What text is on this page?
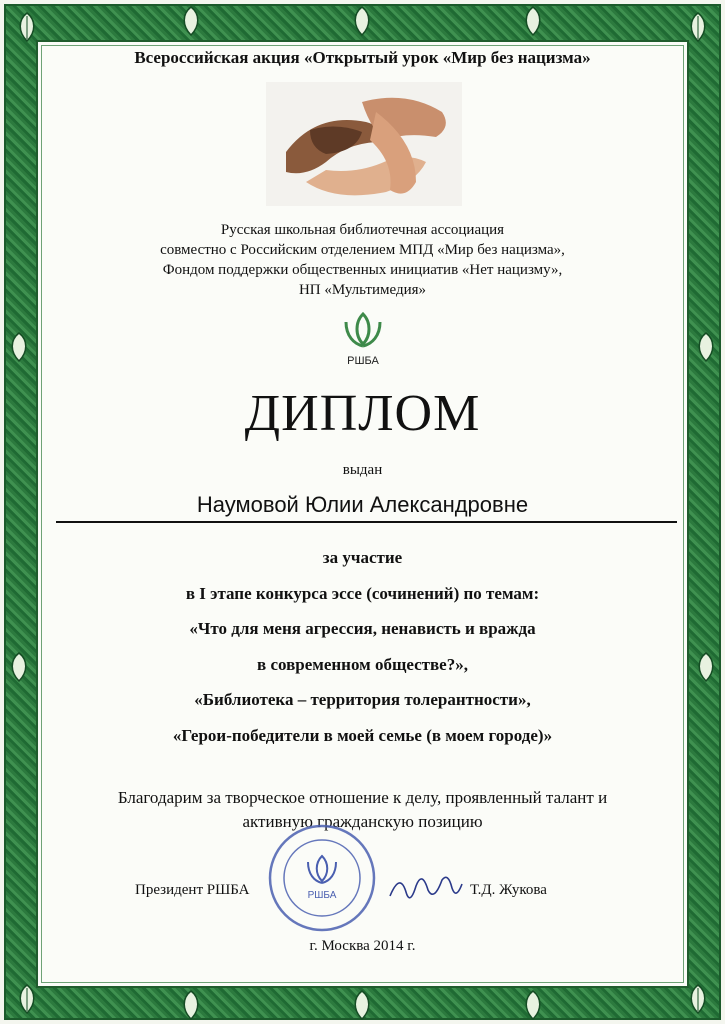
Всероссийская акция «Открытый урок «Мир без нацизма»
Русская школьная библиотечная ассоциация
совместно с Российским отделением МПД «Мир без нацизма»,
Фондом поддержки общественных инициатив «Нет нацизму»,
НП «Мультимедия»
РШБА
ДИПЛОМ
выдан
Наумовой Юлии Александровне
за участие
в I этапе конкурса эссе (сочинений) по темам:
«Что для меня агрессия, ненависть и вражда
в современном обществе?»,
«Библиотека – территория толерантности»,
«Герои-победители в моей семье (в моем городе)»
Благодарим за творческое отношение к делу, проявленный талант и
активную гражданскую позицию
РШБА
Президент РШБА	Т.Д. Жукова
г. Москва 2014 г.
